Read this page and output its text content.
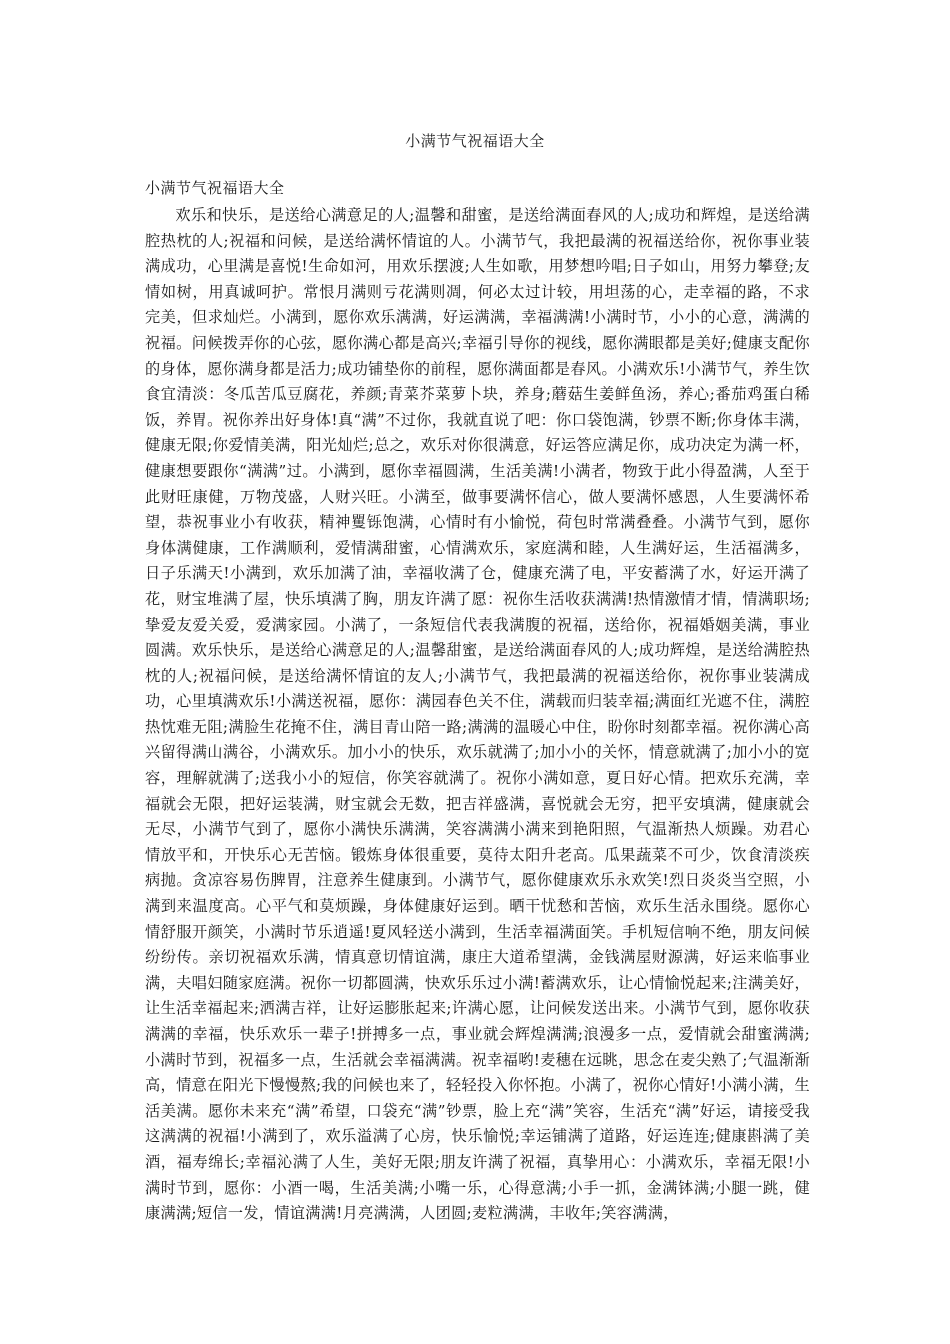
小满节气祝福语大全
小满节气祝福语大全

欢乐和快乐，是送给心满意足的人;温馨和甜蜜，是送给满面春风的人;成功和辉煌，是送给满腔热枕的人;祝福和问候，是送给满怀情谊的人。小满节气，我把最满的祝福送给你，祝你事业装满成功，心里满是喜悦!生命如河，用欢乐摆渡;人生如歌，用梦想吟唱;日子如山，用努力攀登;友情如树，用真诚呵护。常恨月满则亏花满则凋，何必太过计较，用坦荡的心，走幸福的路，不求完美，但求灿烂。小满到，愿你欢乐满满，好运满满，幸福满满!小满时节，小小的心意，满满的祝福。问候拨弄你的心弦，愿你满心都是高兴;幸福引导你的视线，愿你满眼都是美好;健康支配你的身体，愿你满身都是活力;成功铺垫你的前程，愿你满面都是春风。小满欢乐!小满节气，养生饮食宜清淡：冬瓜苦瓜豆腐花，养颜;青菜芥菜萝卜块，养身;蘑菇生姜鲜鱼汤，养心;番茄鸡蛋白稀饭，养胃。祝你养出好身体!真“满”不过你，我就直说了吧：你口袋饱满，钞票不断;你身体丰满，健康无限;你爱情美满，阳光灿烂;总之，欢乐对你很满意，好运答应满足你，成功决定为满一杯，健康想要跟你“满满”过。小满到，愿你幸福圆满，生活美满!小满者，物致于此小得盈满，人至于此财旺康健，万物茂盛，人财兴旺。小满至，做事要满怀信心，做人要满怀感恩，人生要满怀希望，恭祝事业小有收获，精神矍铄饱满，心情时有小愉悦，荷包时常满叠叠。小满节气到，愿你身体满健康，工作满顺利，爱情满甜蜜，心情满欢乐，家庭满和睦，人生满好运，生活福满多，日子乐满天!小满到，欢乐加满了油，幸福收满了仓，健康充满了电，平安蓄满了水，好运开满了花，财宝堆满了屋，快乐填满了胸，朋友许满了愿：祝你生活收获满满!热情激情才情，情满职场;挚爱友爱关爱，爱满家园。小满了，一条短信代表我满腹的祝福，送给你，祝福婚姻美满，事业圆满。欢乐快乐，是送给心满意足的人;温馨甜蜜，是送给满面春风的人;成功辉煌，是送给满腔热枕的人;祝福问候，是送给满怀情谊的友人;小满节气，我把最满的祝福送给你，祝你事业装满成功，心里填满欢乐!小满送祝福，愿你：满园春色关不住，满载而归装幸福;满面红光遮不住，满腔热忱难无阻;满脸生花掩不住，满目青山陪一路;满满的温暖心中住，盼你时刻都幸福。祝你满心高兴留得满山满谷，小满欢乐。加小小的快乐，欢乐就满了;加小小的关怀，情意就满了;加小小的宽容，理解就满了;送我小小的短信，你笑容就满了。祝你小满如意，夏日好心情。把欢乐充满，幸福就会无限，把好运装满，财宝就会无数，把吉祥盛满，喜悦就会无穷，把平安填满，健康就会无尽，小满节气到了，愿你小满快乐满满，笑容满满小满来到艳阳照，气温渐热人烦躁。劝君心情放平和，开快乐心无苦恼。锻炼身体很重要，莫待太阳升老高。瓜果蔬菜不可少，饮食清淡疾病抛。贪凉容易伤脾胃，注意养生健康到。小满节气，愿你健康欢乐永欢笑!烈日炎炎当空照，小满到来温度高。心平气和莫烦躁，身体健康好运到。晒干忧愁和苦恼，欢乐生活永围绕。愿你心情舒服开颜笑，小满时节乐逍遥!夏风轻送小满到，生活幸福满面笑。手机短信响不绝，朋友问候纷纷传。亲切祝福欢乐满，情真意切情谊满，康庄大道希望满，金钱满屋财源满，好运来临事业满，夫唱妇随家庭满。祝你一切都圆满，快欢乐乐过小满!蓄满欢乐，让心情愉悦起来;注满美好，让生活幸福起来;洒满吉祥，让好运膨胀起来;许满心愿，让问候发送出来。小满节气到，愿你收获满满的幸福，快乐欢乐一辈子!拼搏多一点，事业就会辉煌满满;浪漫多一点，爱情就会甜蜜满满;小满时节到，祝福多一点，生活就会幸福满满。祝幸福哟!麦穗在远眺，思念在麦尖熟了;气温渐渐高，情意在阳光下慢慢熬;我的问候也来了，轻轻投入你怀抱。小满了，祝你心情好!小满小满，生活美满。愿你未来充“满”希望，口袋充“满”钞票，脸上充“满”笑容，生活充“满”好运，请接受我这满满的祝福!小满到了，欢乐溢满了心房，快乐愉悦;幸运铺满了道路，好运连连;健康斟满了美酒，福寿绵长;幸福沁满了人生，美好无限;朋友许满了祝福，真挚用心：小满欢乐，幸福无限!小满时节到，愿你：小酒一喝，生活美满;小嘴一乐，心得意满;小手一抓，金满钵满;小腿一跳，健康满满;短信一发，情谊满满!月亮满满，人团圆;麦粒满满，丰收年;笑容满满，
